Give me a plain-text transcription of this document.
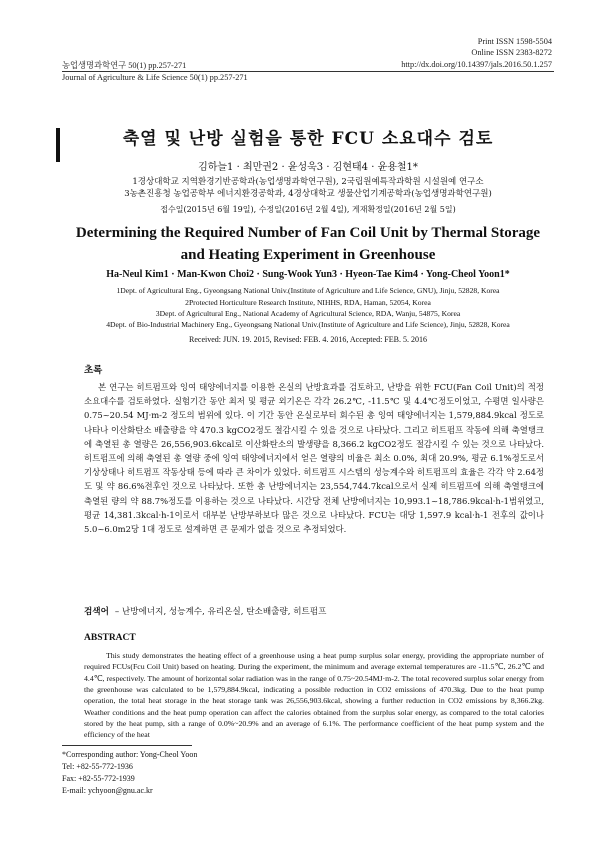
Print ISSN 1598-5504
Online ISSN 2383-8272
농업생명과학연구 50(1) pp.257-271	http://dx.doi.org/10.14397/jals.2016.50.1.257
Journal of Agriculture & Life Science 50(1) pp.257-271
축열 및 난방 실험을 통한 FCU 소요대수 검토
김하늘1 · 최만권2 · 윤성욱3 · 김현태4 · 윤용철1*
1경상대학교 지역환경기반공학과(농업생명과학연구원), 2국립원예특작과학원 시설원예 연구소
3농촌진흥청 농업공학부 에너지환경공학과, 4경상대학교 생물산업기계공학과(농업생명과학연구원)
접수일(2015년 6월 19일), 수정일(2016년 2월 4일), 게재확정일(2016년 2월 5일)
Determining the Required Number of Fan Coil Unit by Thermal Storage
and Heating Experiment in Greenhouse
Ha-Neul Kim1 · Man-Kwon Choi2 · Sung-Wook Yun3 · Hyeon-Tae Kim4 · Yong-Cheol Yoon1*
1Dept. of Agricultural Eng., Gyeongsang National Univ.(Institute of Agriculture and Life Science, GNU), Jinju, 52828, Korea
2Protected Horticulture Research Institute, NIHHS, RDA, Haman, 52054, Korea
3Dept. of Agricultural Eng., National Academy of Agricultural Science, RDA, Wanju, 54875, Korea
4Dept. of Bio-Industrial Machinery Eng., Gyeongsang National Univ.(Institute of Agriculture and Life Science), Jinju, 52828, Korea
Received: JUN. 19. 2015, Revised: FEB. 4. 2016, Accepted: FEB. 5. 2016
초록
본 연구는 히트펌프와 잉여 태양에너지를 이용한 온실의 난방효과를 검토하고, 난방을 위한 FCU(Fan Coil Unit)의 적정 소요대수를 검토하였다. 실험기간 동안 최저 및 평균 외기온은 각각 26.2℃, -11.5℃ 및 4.4℃정도이었고, 수평면 일사량은 0.75~20.54 MJ·m-2 정도의 범위에 있다. 이 기간 동안 온실로부터 회수된 총 잉여 태양에너지는 1,579,884.9kcal 정도로 나타나 이산화탄소 배출량을 약 470.3 kgCO2정도 절감시킬 수 있을 것으로 나타났다. 그리고 히트펌프 작동에 의해 축열탱크에 축열된 총 열량은 26,556,903.6kcal로 이산화탄소의 발생량을 8,366.2 kgCO2정도 절감시킬 수 있는 것으로 나타났다. 히트펌프에 의해 축열된 총 열량 중에 잉여 태양에너지에서 얻은 열량의 비율은 최소 0.0%, 최대 20.9%, 평균 6.1%정도로서 기상상태나 히트펌프 작동상태 등에 따라 큰 차이가 있었다. 히트펌프 시스템의 성능계수와 히트펌프의 효율은 각각 약 2.64정도 및 약 86.6%전후인 것으로 나타났다. 또한 총 난방에너지는 23,554,744.7kcal으로서 실제 히트펌프에 의해 축열탱크에 축열된 량의 약 88.7%정도를 이용하는 것으로 나타났다. 시간당 전체 난방에너지는 10,993.1~18,786.9kcal·h-1범위였고, 평균 14,381.3kcal·h-1이로서 대부분 난방부하보다 많은 것으로 나타났다. FCU는 대당 1,597.9 kcal·h-1 전후의 값이나 5.0~6.0m2당 1대 정도로 설계하면 큰 문제가 없을 것으로 추정되었다.
검색어 – 난방에너지, 성능계수, 유리온실, 탄소배출량, 히트펌프
ABSTRACT
This study demonstrates the heating effect of a greenhouse using a heat pump surplus solar energy, providing the appropriate number of required FCUs(Fcu Coil Unit) based on heating. During the experiment, the minimum and average external temperatures are -11.5℃, 26.2℃ and 4.4℃, respectively. The amount of horizontal solar radiation was in the range of 0.75~20.54MJ·m-2. The total recovered surplus solar energy from the greenhouse was calculated to be 1,579,884.9kcal, indicating a possible reduction in CO2 emissions of 470.3kg. Due to the heat pump operation, the total heat storage in the heat storage tank was 26,556,903.6kcal, showing a further reduction in CO2 emissions by 8,366.2kg. Weather conditions and the heat pump operation can affect the calories obtained from the surplus solar energy, as compared to the total calories stored by the heat pump, sith a range of 0.0%~20.9% and an average of 6.1%. The performance coefficient of the heat pump system and the efficiency of the heat
*Corresponding author: Yong-Cheol Yoon
Tel: +82-55-772-1936
Fax: +82-55-772-1939
E-mail: ychyoon@gnu.ac.kr
